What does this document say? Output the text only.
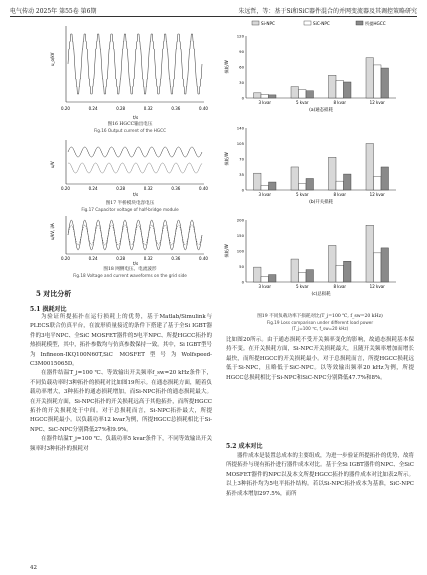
电气传动 2025年 第55卷 第6期	朱远哲，等：基于Si和SiC器件混合的并网变流器及其调控策略研究
u_o/kV
0.20	0.24	0.28	0.32	0.36	0.40
t/s
图16 HGCC输出电压
Fig.16 Output current of the HGCC
u/V
0.20	0.24	0.28	0.32	0.36	0.40
t/s
图17 半桥模块电容电压
Fig.17 Capacitor voltage of half-bridge module
u/kV, i/A
0.20	0.24	0.28	0.32	0.36	0.40
t/s
图18 网侧电压、电流波形
Fig.18 Voltage and current waveforms on the grid side
Si-NPC	SiC-NPC	所提HGCC
0
30
60
90
120
损耗/W
3 kvar	5 kvar	8 kvar	12 kvar
(a)通态损耗
0
35
70
105
140
损耗/W
3 kvar	5 kvar	8 kvar	12 kvar
(b)开关损耗
0
50
100
150
200
损耗/W
3 kvar	5 kvar	8 kvar	12 kvar
(c)总损耗
图19 不同负载功率下损耗对比(T_j=100 ℃, f_sw=20 kHz)
Fig.19 Loss comparison under different load power
(T_j=100 ℃, f_sw=20 kHz)
5 对比分析
5.1 损耗对比

为验证所提拓扑在运行损耗上的优势，基于Matlab/Simulink与PLECS联合仿真平台，在波形质量接近的条件下搭建了基于全Si IGBT器件的3电平NPC、全SiC MOSFET器件的5电平NPC、所提HGCC拓扑的热损耗模型，其中，拓扑参数均与仿真参数保持一致。其中，Si IGBT型号为Infineon-IKQ100N60T,SiC MOSFET型号为Wolfspeed-C3M0015065D。

在器件结温T_j=100 ℃、等效输出开关频率f_sw=20 kHz条件下，不同负载功率时3种拓扑的损耗对比如图19所示。在通态损耗方面，随着负载功率增大，3种拓扑的通态损耗增加，而Si-NPC拓扑的通态损耗最大。在开关损耗方面，Si-NPC拓扑的开关损耗远高于其他拓扑，而所提HGCC拓扑的开关损耗处于中间。对于总损耗而言，Si-NPC拓扑最大，所提HGCC损耗最小。以负载功率12 kvar为例，所提HGCC总损耗相比于Si-NPC、SiC-NPC分别降低27%和9.9%。

在器件结温T_j=100 ℃、负载功率5 kvar条件下，不同等效输出开关频率时3种拓扑的损耗对

42

比如图20所示。由于通态损耗不受开关频率变化的影响，故通态损耗基本保持不变。在开关损耗方面，Si-NPC开关损耗最大，且随开关频率增加而增长最快，而所提HGCC的开关损耗最小。对于总损耗而言，所提HGCC损耗远低于Si-NPC，且略低于SiC-NPC。以等效输出频率20 kHz为例，所提HGCC总损耗相比于Si-NPC和SiC-NPC分别降低47.7%和8%。

5.2 成本对比

器件成本是装置总成本的主要组成，为进一步验证所提拓扑的优势，故将所提拓扑与现有拓扑进行器件成本对比。基于全Si IGBT器件的NPC、全SiC MOSFET器件的NPC以及本文所提HGCC拓扑的器件成本对比如表2所示。以上3种拓扑均为5电平拓扑结构。若以Si-NPC拓扑成本为基准，SiC-NPC拓扑成本增加297.5%，而所
